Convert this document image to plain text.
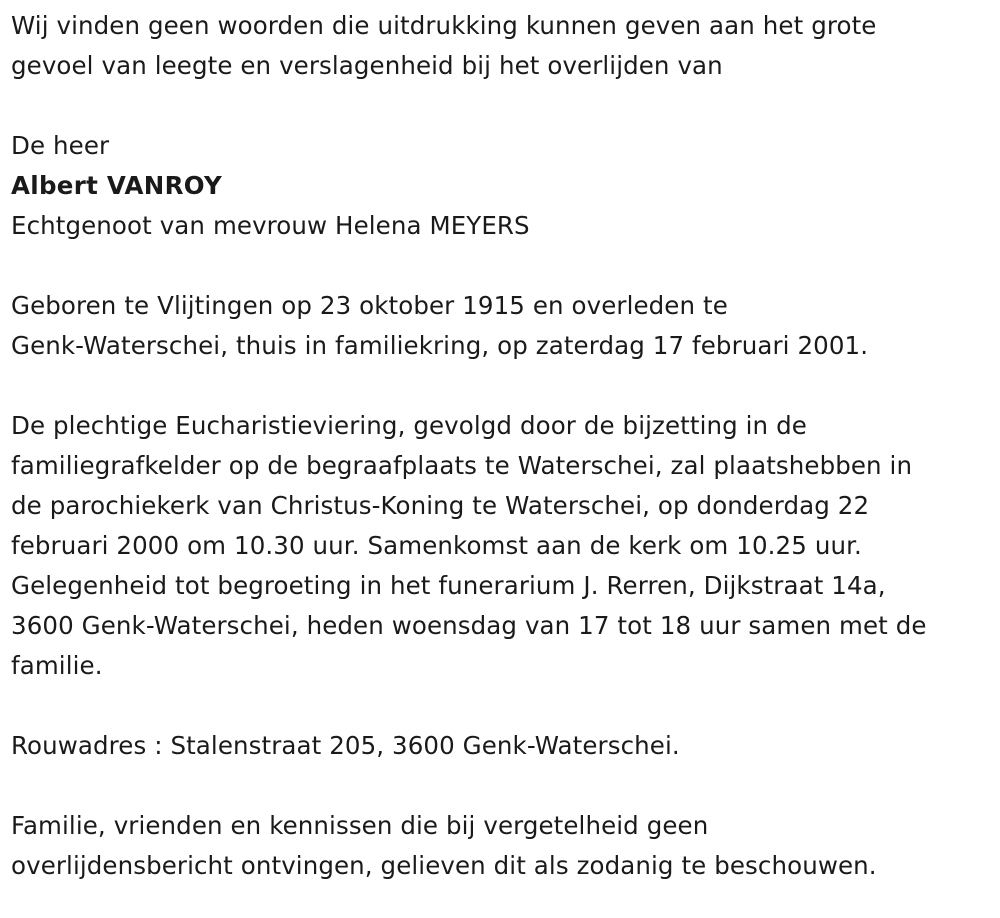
Wij vinden geen woorden die uitdrukking kunnen geven aan het grote
gevoel van leegte en verslagenheid bij het overlijden van

De heer

Albert VANROY

Echtgenoot van mevrouw Helena MEYERS

Geboren te Vlijtingen op 23 oktober 1915 en overleden te
Genk-Waterschei, thuis in familiekring, op zaterdag 17 februari 2001.

De plechtige Eucharistieviering, gevolgd door de bijzetting in de
familiegrafkelder op de begraafplaats te Waterschei, zal plaatshebben in
de parochiekerk van Christus-Koning te Waterschei, op donderdag 22
februari 2000 om 10.30 uur. Samenkomst aan de kerk om 10.25 uur.
Gelegenheid tot begroeting in het funerarium J. Rerren, Dijkstraat 14a,
3600 Genk-Waterschei, heden woensdag van 17 tot 18 uur samen met de
familie.

Rouwadres : Stalenstraat 205, 3600 Genk-Waterschei.

Familie, vrienden en kennissen die bij vergetelheid geen
overlijdensbericht ontvingen, gelieven dit als zodanig te beschouwen.
